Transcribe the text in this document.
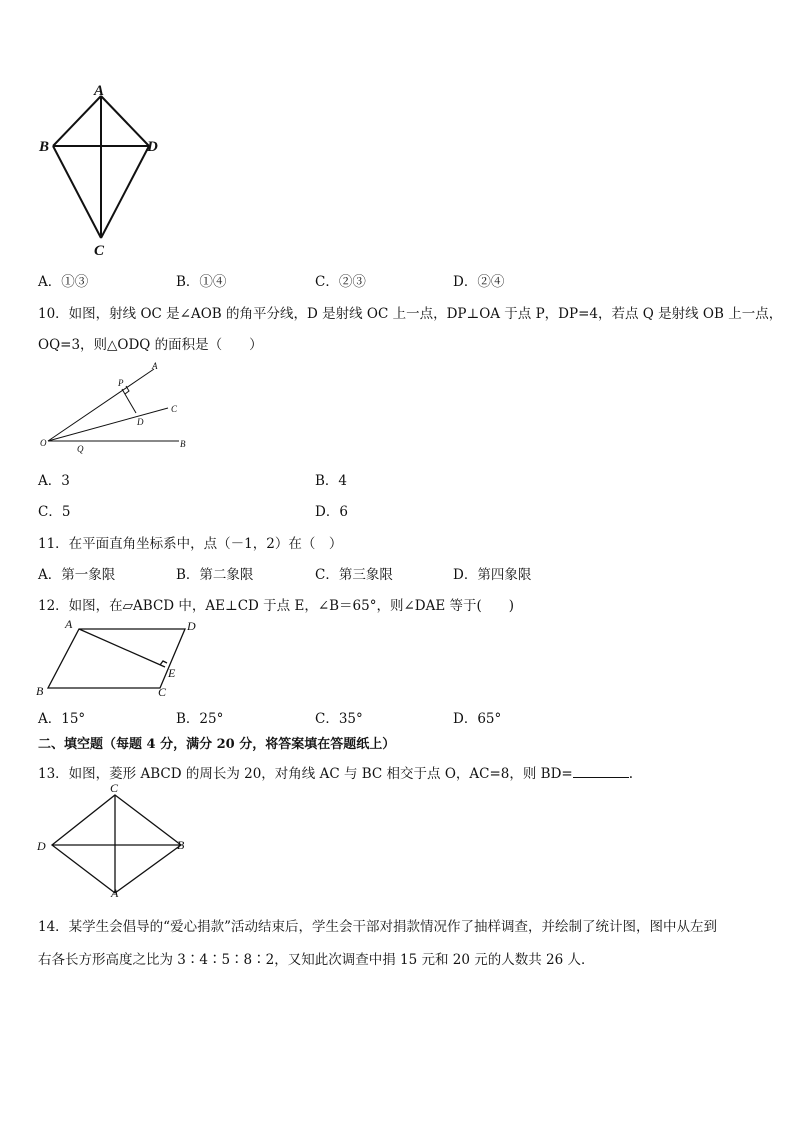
A
B	D
C
A．①③	B．①④	C．②③	D．②④
10．如图，射线 OC 是∠AOB 的角平分线，D 是射线 OC 上一点，DP⊥OA 于点 P，DP=4，若点 Q 是射线 OB 上一点，
OQ=3，则△ODQ 的面积是（　　）
A
P
C
D
O
Q	B
A．3	B．4
C．5	D．6
11．在平面直角坐标系中，点（－1，2）在（　）
A．第一象限	B．第二象限	C．第三象限	D．第四象限
12．如图，在▱ABCD 中，AE⊥CD 于点 E，∠B＝65°，则∠DAE 等于(　　)
A	D
E
B	C
A．15°	B．25°	C．35°	D．65°
二、填空题（每题 4 分，满分 20 分，将答案填在答题纸上）
13．如图，菱形 ABCD 的周长为 20，对角线 AC 与 BC 相交于点 O，AC=8，则 BD=	.
C
D	B
A
14．某学生会倡导的“爱心捐款”活动结束后，学生会干部对捐款情况作了抽样调查，并绘制了统计图，图中从左到
右各长方形高度之比为 3∶4∶5∶8∶2，又知此次调查中捐 15 元和 20 元的人数共 26 人．
